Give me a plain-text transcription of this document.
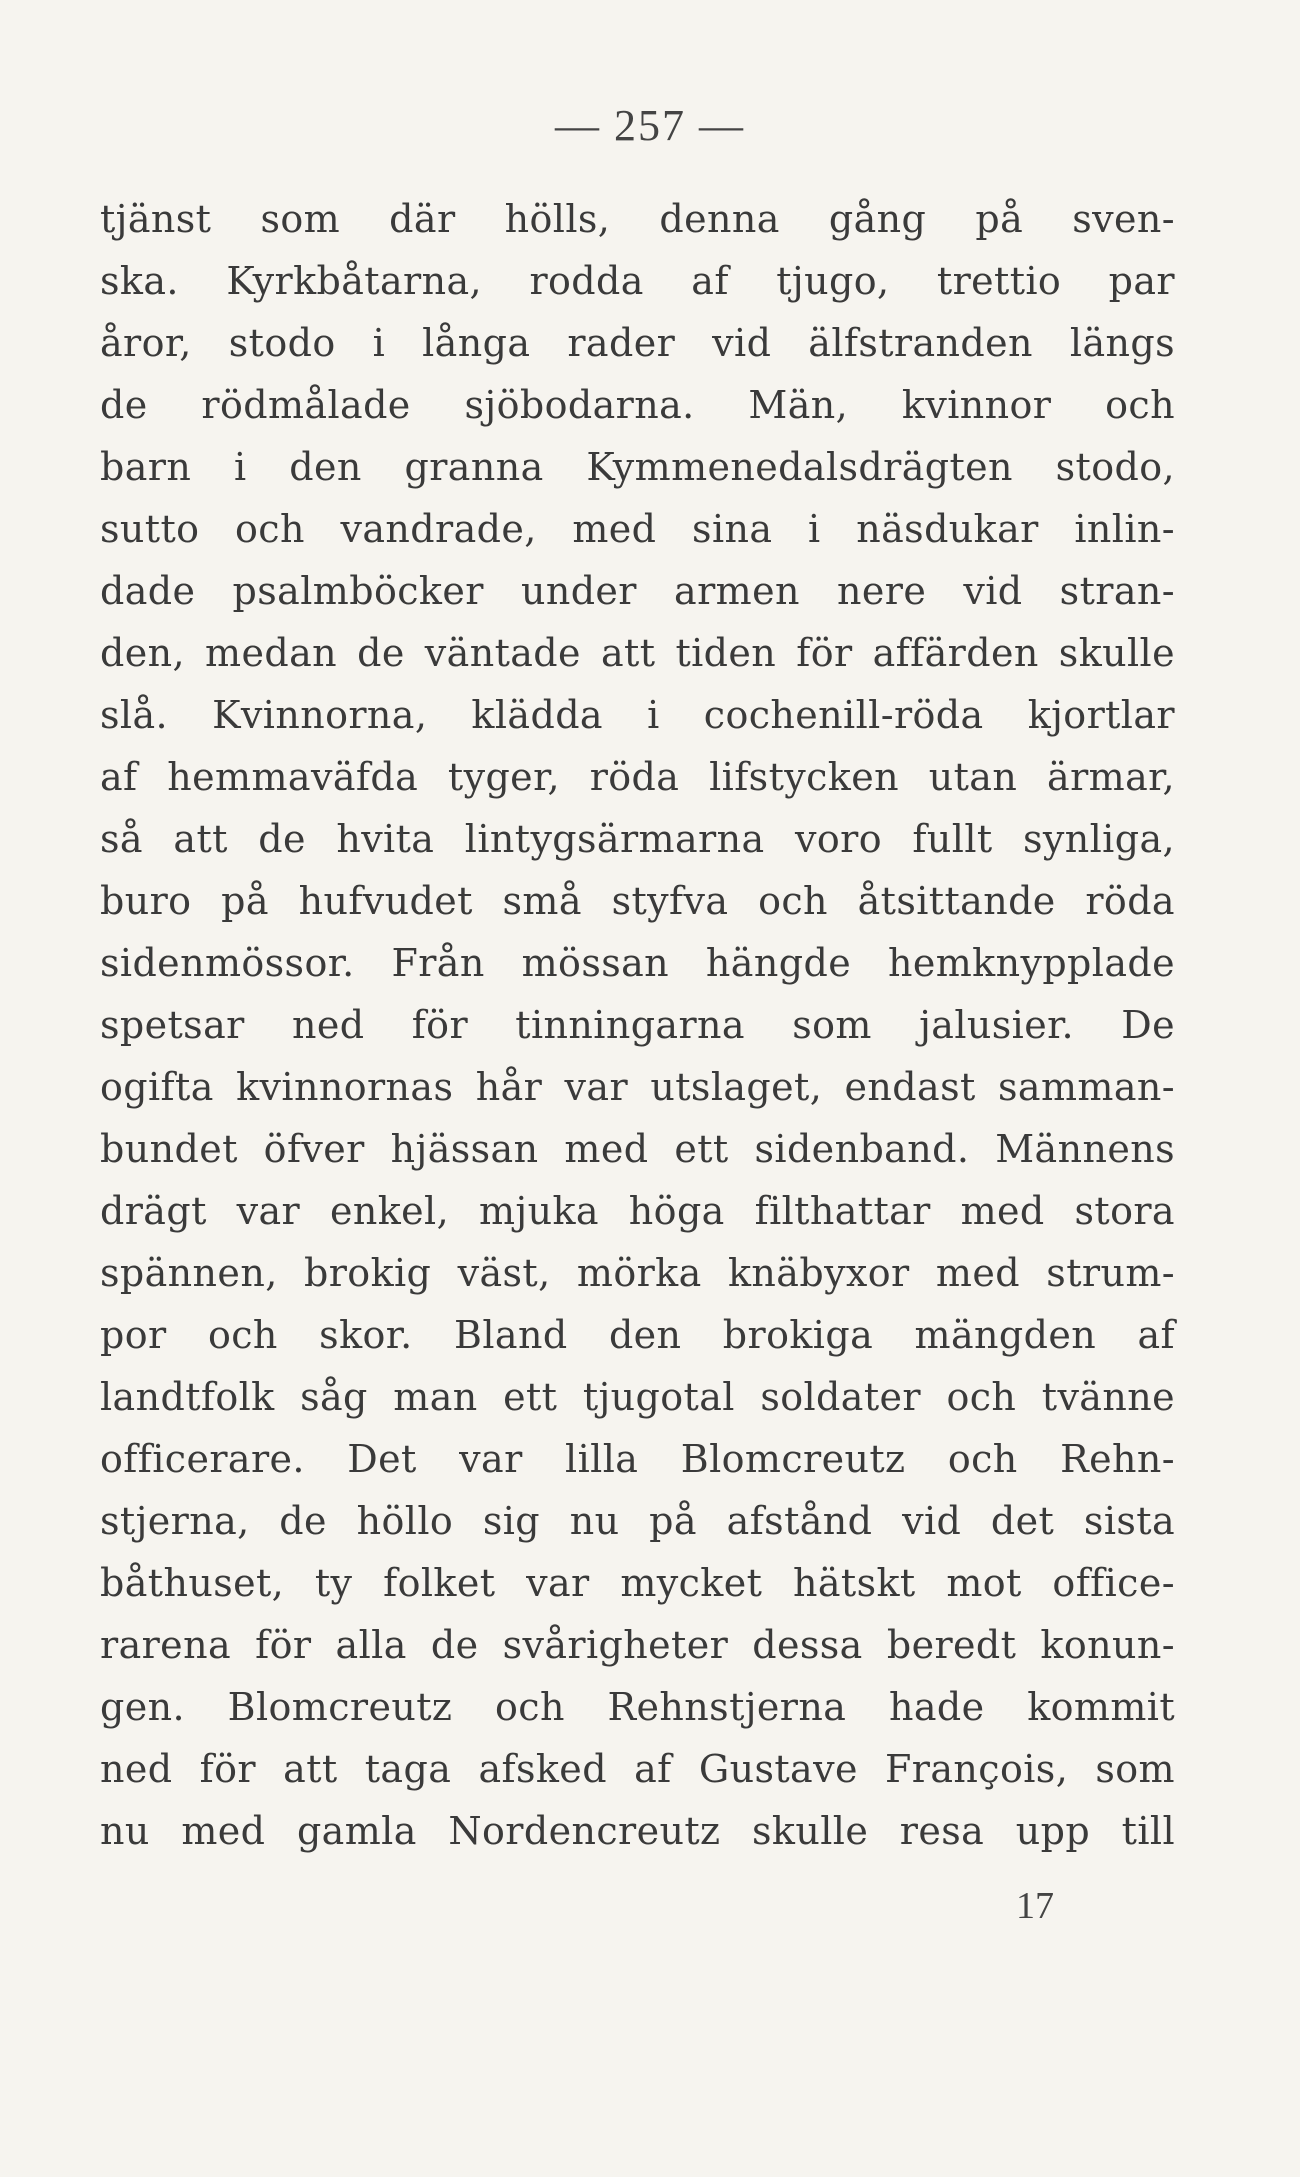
— 257 —
tjänst som där hölls, denna gång på sven-
ska. Kyrkbåtarna, rodda af tjugo, trettio par
åror, stodo i långa rader vid älfstranden längs
de rödmålade sjöbodarna. Män, kvinnor och
barn i den granna Kymmenedalsdrägten stodo,
sutto och vandrade, med sina i näsdukar inlin-
dade psalmböcker under armen nere vid stran-
den, medan de väntade att tiden för affärden skulle
slå. Kvinnorna, klädda i cochenill-röda kjortlar
af hemmaväfda tyger, röda lifstycken utan ärmar,
så att de hvita lintygsärmarna voro fullt synliga,
buro på hufvudet små styfva och åtsittande röda
sidenmössor. Från mössan hängde hemknypplade
spetsar ned för tinningarna som jalusier. De
ogifta kvinnornas hår var utslaget, endast samman-
bundet öfver hjässan med ett sidenband. Männens
drägt var enkel, mjuka höga filthattar med stora
spännen, brokig väst, mörka knäbyxor med strum-
por och skor. Bland den brokiga mängden af
landtfolk såg man ett tjugotal soldater och tvänne
officerare. Det var lilla Blomcreutz och Rehn-
stjerna, de höllo sig nu på afstånd vid det sista
båthuset, ty folket var mycket hätskt mot office-
rarena för alla de svårigheter dessa beredt konun-
gen. Blomcreutz och Rehnstjerna hade kommit
ned för att taga afsked af Gustave François, som
nu med gamla Nordencreutz skulle resa upp till
17
